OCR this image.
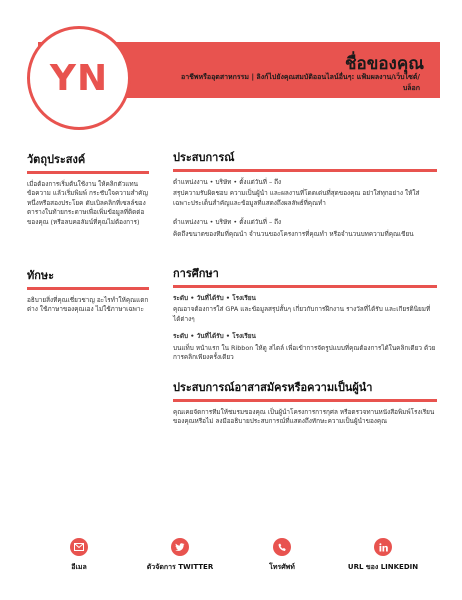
YN	ชื่อของคุณ
อาชีพหรืออุตสาหกรรม | ลิงก์ไปยังคุณสมบัติออนไลน์อื่นๆ: แฟ้มผลงาน/เว็บไซต์/บล็อก
วัตถุประสงค์

เมื่อต้องการเริ่มต้นใช้งาน ให้คลิกตัวแทนข้อความ แล้วเริ่มพิมพ์ กระชับใจความสำคัญ หนึ่งหรือสองประโยค ดับเบิลคลิกที่เซลล์ของตารางในท้ายกระดาษเพื่อเพิ่มข้อมูลที่ติดต่อของคุณ (หรือลบคอลัมน์ที่คุณไม่ต้องการ)

ทักษะ

อธิบายสิ่งที่คุณเชี่ยวชาญ อะไรทำให้คุณแตกต่าง ใช้ภาษาของคุณเอง ไม่ใช้ภาษาเฉพาะ

ประสบการณ์

ตำแหน่งงาน • บริษัท • ตั้งแต่วันที่ – ถึง

สรุปความรับผิดชอบ ความเป็นผู้นำ และผลงานที่โดดเด่นที่สุดของคุณ อย่าใส่ทุกอย่าง ให้ใส่เฉพาะประเด็นสำคัญและข้อมูลที่แสดงถึงผลลัพธ์ที่คุณทำ

ตำแหน่งงาน • บริษัท • ตั้งแต่วันที่ – ถึง

คิดถึงขนาดของทีมที่คุณนำ จำนวนของโครงการที่คุณทำ หรือจำนวนบทความที่คุณเขียน

การศึกษา

ระดับ • วันที่ได้รับ • โรงเรียน

คุณอาจต้องการใส่ GPA และข้อมูลสรุปสั้นๆ เกี่ยวกับการฝึกงาน รางวัลที่ได้รับ และเกียรตินิยมที่ได้ต่างๆ

ระดับ • วันที่ได้รับ • โรงเรียน

บนแท็บ หน้าแรก ใน Ribbon ให้ดู สไตล์ เพื่อเข้าการจัดรูปแบบที่คุณต้องการได้ในคลิกเดียว ด้วยการคลิกเพียงครั้งเดียว

ประสบการณ์อาสาสมัครหรือความเป็นผู้นำ

คุณเคยจัดการทีมให้ชมรมของคุณ เป็นผู้นำโครงการการกุศล หรือตรวจทานหนังสือพิมพ์โรงเรียนของคุณหรือไม่ ลงมืออธิบายประสบการณ์ที่แสดงถึงทักษะความเป็นผู้นำของคุณ

อีเมล	ตัวจัดการ TWITTER	โทรศัพท์	URL ของ LINKEDIN
